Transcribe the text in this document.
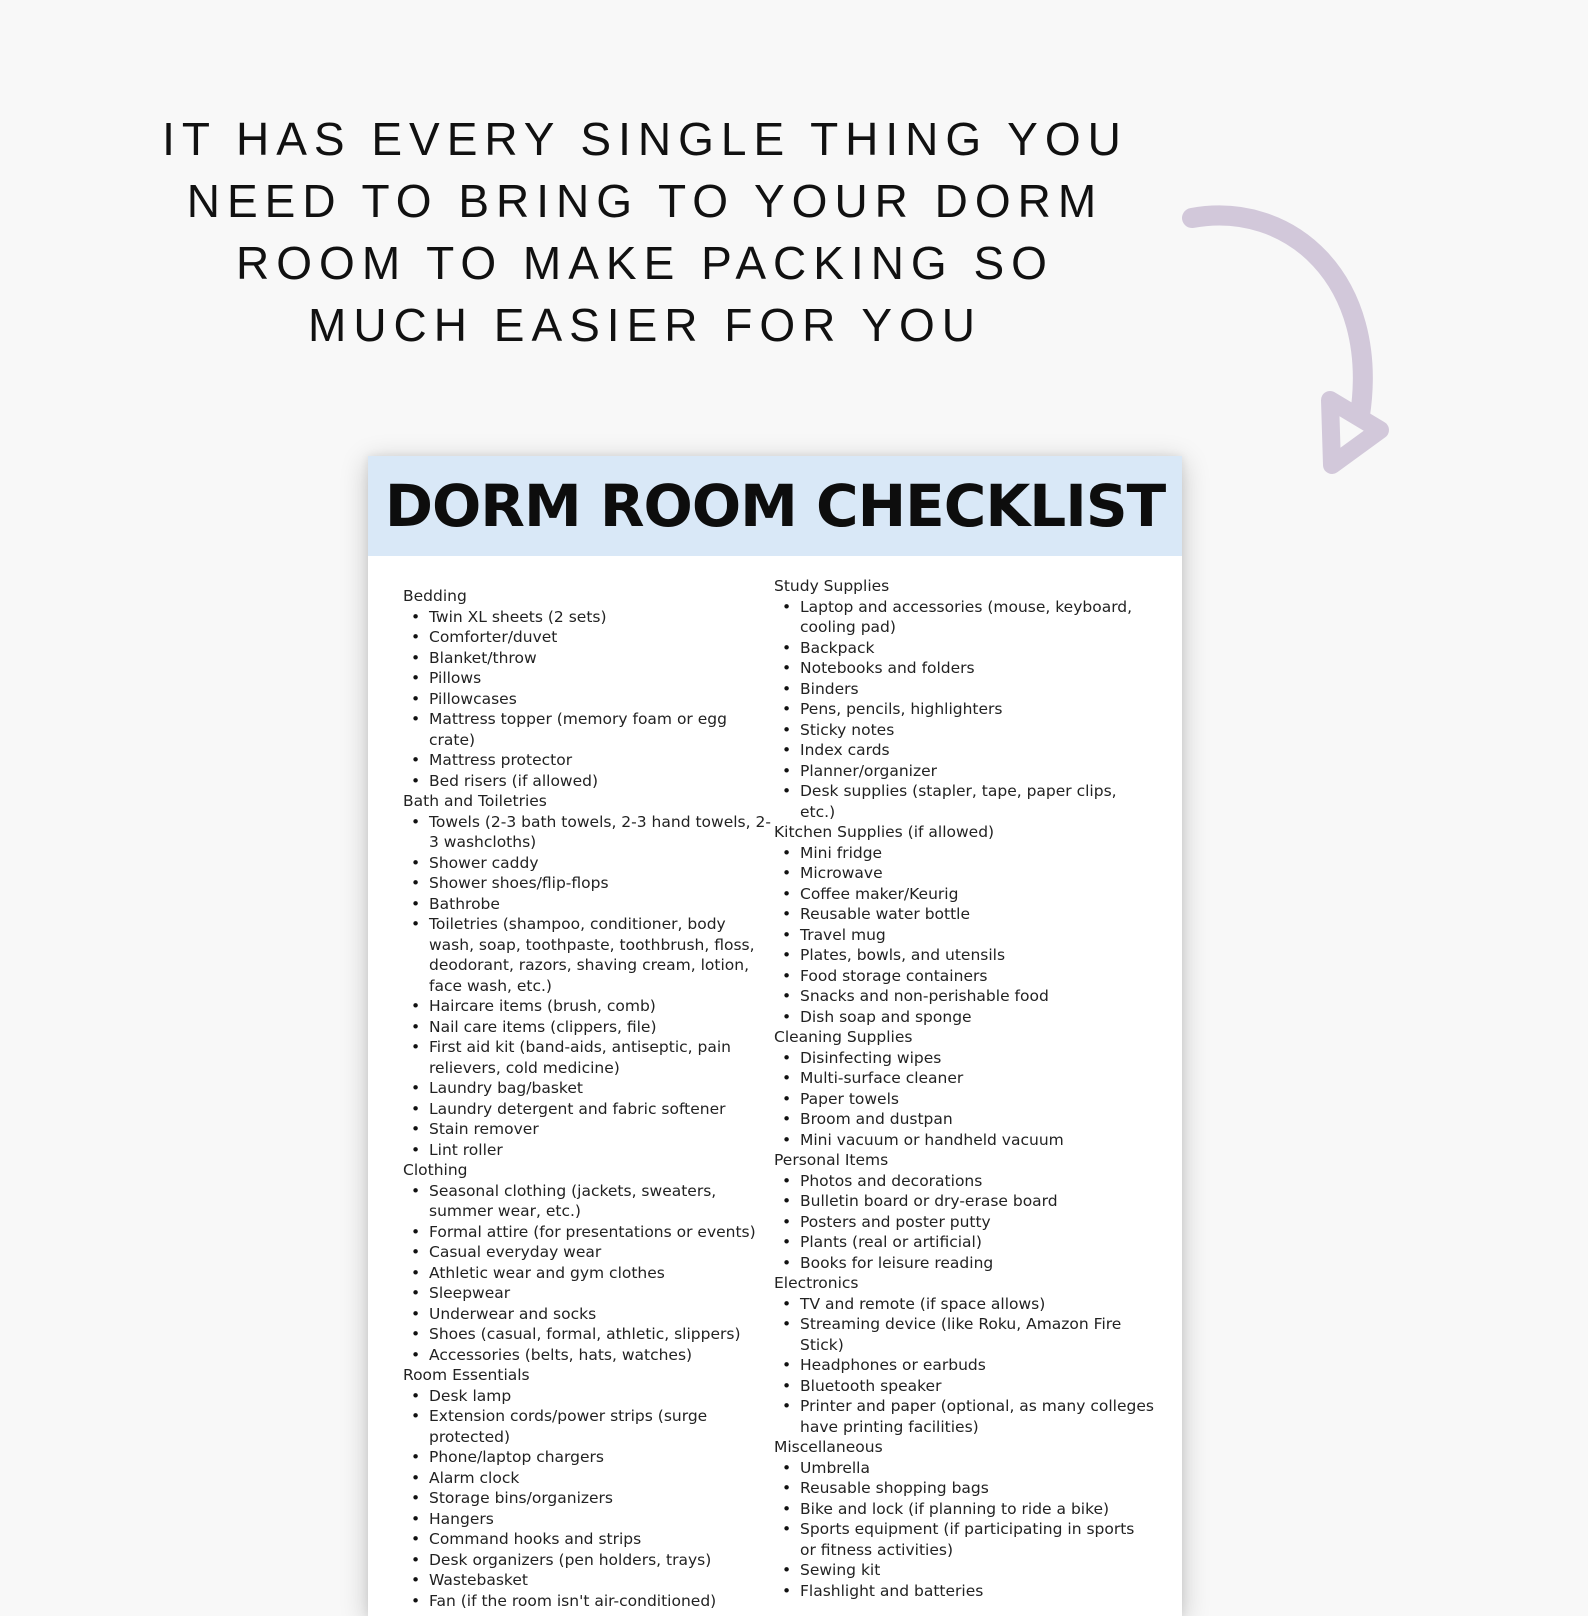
IT HAS EVERY SINGLE THING YOU
NEED TO BRING TO YOUR DORM
ROOM TO MAKE PACKING SO
MUCH EASIER FOR YOU
DORM ROOM CHECKLIST
Bedding
• Twin XL sheets (2 sets)
• Comforter/duvet
• Blanket/throw
• Pillows
• Pillowcases
• Mattress topper (memory foam or egg crate)
• Mattress protector
• Bed risers (if allowed)
Bath and Toiletries
• Towels (2-3 bath towels, 2-3 hand towels, 2-3 washcloths)
• Shower caddy
• Shower shoes/flip-flops
• Bathrobe
• Toiletries (shampoo, conditioner, body wash, soap, toothpaste, toothbrush, floss, deodorant, razors, shaving cream, lotion, face wash, etc.)
• Haircare items (brush, comb)
• Nail care items (clippers, file)
• First aid kit (band-aids, antiseptic, pain relievers, cold medicine)
• Laundry bag/basket
• Laundry detergent and fabric softener
• Stain remover
• Lint roller
Clothing
• Seasonal clothing (jackets, sweaters, summer wear, etc.)
• Formal attire (for presentations or events)
• Casual everyday wear
• Athletic wear and gym clothes
• Sleepwear
• Underwear and socks
• Shoes (casual, formal, athletic, slippers)
• Accessories (belts, hats, watches)
Room Essentials
• Desk lamp
• Extension cords/power strips (surge protected)
• Phone/laptop chargers
• Alarm clock
• Storage bins/organizers
• Hangers
• Command hooks and strips
• Desk organizers (pen holders, trays)
• Wastebasket
• Fan (if the room isn't air-conditioned)
Study Supplies
• Laptop and accessories (mouse, keyboard, cooling pad)
• Backpack
• Notebooks and folders
• Binders
• Pens, pencils, highlighters
• Sticky notes
• Index cards
• Planner/organizer
• Desk supplies (stapler, tape, paper clips, etc.)
Kitchen Supplies (if allowed)
• Mini fridge
• Microwave
• Coffee maker/Keurig
• Reusable water bottle
• Travel mug
• Plates, bowls, and utensils
• Food storage containers
• Snacks and non-perishable food
• Dish soap and sponge
Cleaning Supplies
• Disinfecting wipes
• Multi-surface cleaner
• Paper towels
• Broom and dustpan
• Mini vacuum or handheld vacuum
Personal Items
• Photos and decorations
• Bulletin board or dry-erase board
• Posters and poster putty
• Plants (real or artificial)
• Books for leisure reading
Electronics
• TV and remote (if space allows)
• Streaming device (like Roku, Amazon Fire Stick)
• Headphones or earbuds
• Bluetooth speaker
• Printer and paper (optional, as many colleges have printing facilities)
Miscellaneous
• Umbrella
• Reusable shopping bags
• Bike and lock (if planning to ride a bike)
• Sports equipment (if participating in sports or fitness activities)
• Sewing kit
• Flashlight and batteries
